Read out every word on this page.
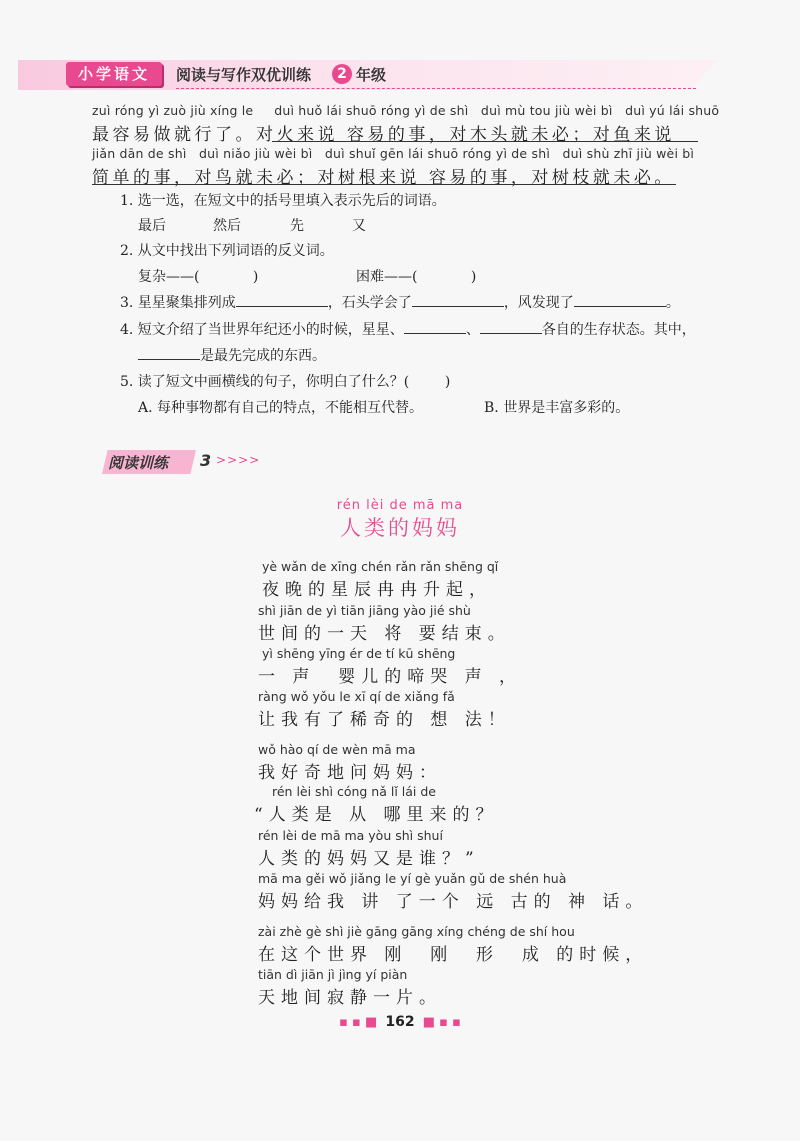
小学语文	阅读与写作双优训练	2 年级
zuì róng yì zuò jiù xíng le     duì huǒ lái shuō róng yì de shì   duì mù tou jiù wèi bì   duì yú lái shuō
最容易做就行了。对火来说 容易的事，对木头就未必；对鱼来说
jiǎn dān de shì   duì niǎo jiù wèi bì   duì shuǐ gēn lái shuō róng yì de shì   duì shù zhī jiù wèi bì
简单的事，对鸟就未必；对树根来说 容易的事，对树枝就未必。
1. 选一选，在短文中的括号里填入表示先后的词语。
最后	然后	先	又
2. 从文中找出下列词语的反义词。
复杂——(            )	困难——(            )
3. 星星聚集排列成	，石头学会了	，风发现了	。
4. 短文介绍了当世界年纪还小的时候，星星、	、	各自的生存状态。其中，
是最先完成的东西。
5. 读了短文中画横线的句子，你明白了什么？(        )
A. 每种事物都有自己的特点，不能相互代替。	B. 世界是丰富多彩的。
阅读训练 3 >>>>
rén lèi de mā ma
人类的妈妈
yè wǎn de xīng chén rǎn rǎn shēng qǐ
夜晚的星辰冉冉升起，
shì jiān de yì tiān jiāng yào jié shù
世间的一天 将 要结束。
yì shēng yīng ér de tí kū shēng
一 声  婴儿的啼哭 声 ，
ràng wǒ yǒu le xī qí de xiǎng fǎ
让我有了稀奇的 想 法！
wǒ hào qí de wèn mā ma
我好奇地问妈妈：
rén lèi shì cóng nǎ lǐ lái de
“人类是 从 哪里来的？
rén lèi de mā ma yòu shì shuí
人类的妈妈又是谁？”
mā ma gěi wǒ jiǎng le yí gè yuǎn gǔ de shén huà
妈妈给我 讲 了一个 远 古的 神 话。
zài zhè gè shì jiè gāng gāng xíng chéng de shí hou
在这个世界 刚  刚  形  成 的时候，
tiān dì jiān jì jìng yí piàn
天地间寂静一片。
▪ ▪ ■ 162 ■ ▪ ▪
